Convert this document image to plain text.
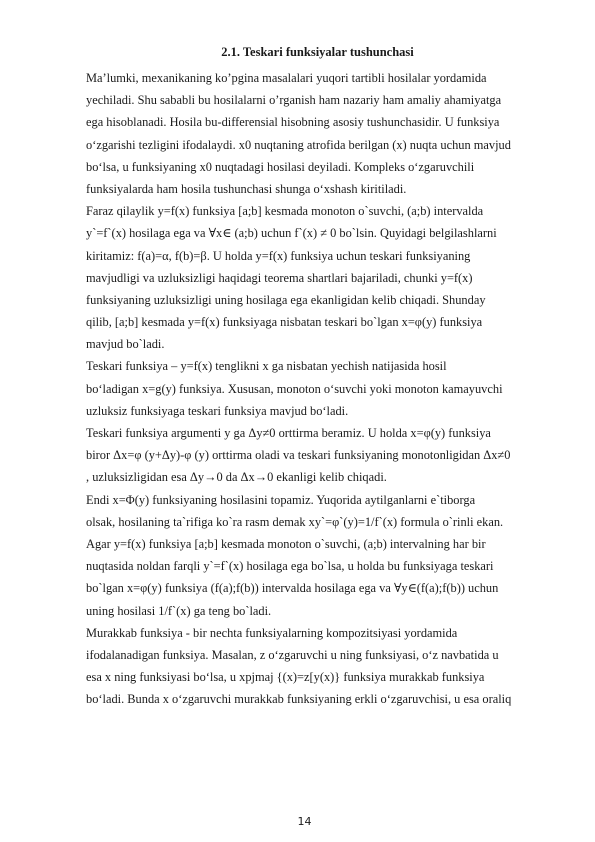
2.1. Teskari funksiyalar tushunchasi
Ma’lumki, mexanikaning ko’pgina masalalari yuqori tartibli hosilalar yordamida
yechiladi. Shu sababli bu hosilalarni o’rganish ham nazariy ham amaliy ahamiyatga
ega hisoblanadi. Hosila bu-differensial hisobning asosiy tushunchasidir. U funksiya
o‘zgarishi tezligini ifodalaydi. x0 nuqtaning atrofida berilgan (x) nuqta uchun mavjud
bo‘lsa, u funksiyaning x0 nuqtadagi hosilasi deyiladi. Kompleks o‘zgaruvchili
funksiyalarda ham hosila tushunchasi shunga o‘xshash kiritiladi.
Faraz qilaylik y=f(x) funksiya [a;b] kesmada monoton o`suvchi, (a;b) intervalda
y`=f`(x) hosilaga ega va ∀x∈ (a;b) uchun f`(x) ≠ 0 bo`lsin. Quyidagi belgilashlarni
kiritamiz: f(a)=α, f(b)=β. U holda y=f(x) funksiya uchun teskari funksiyaning
mavjudligi va uzluksizligi haqidagi teorema shartlari bajariladi, chunki y=f(x)
funksiyaning uzluksizligi uning hosilaga ega ekanligidan kelib chiqadi. Shunday
qilib, [a;b] kesmada y=f(x) funksiyaga nisbatan teskari bo`lgan x=φ(y) funksiya
mavjud bo`ladi.
Teskari funksiya – y=f(x) tenglikni x ga nisbatan yechish natijasida hosil
bo‘ladigan x=g(y) funksiya. Xususan, monoton o‘suvchi yoki monoton kamayuvchi
uzluksiz funksiyaga teskari funksiya mavjud bo‘ladi.
Teskari funksiya argumenti y ga Δy≠0 orttirma beramiz. U holda x=φ(y) funksiya
biror Δx=φ (y+Δy)-φ (y) orttirma oladi va teskari funksiyaning monotonligidan Δx≠0
, uzluksizligidan esa Δy→0 da Δx→0 ekanligi kelib chiqadi.
Endi x=Φ(y) funksiyaning hosilasini topamiz. Yuqorida aytilganlarni e`tiborga
olsak, hosilaning ta`rifiga ko`ra rasm demak xy`=φ`(y)=1/f`(x) formula o`rinli ekan.
Agar y=f(x) funksiya [a;b] kesmada monoton o`suvchi, (a;b) intervalning har bir
nuqtasida noldan farqli y`=f`(x) hosilaga ega bo`lsa, u holda bu funksiyaga teskari
bo`lgan x=φ(y) funksiya (f(a);f(b)) intervalda hosilaga ega va ∀y∈(f(a);f(b)) uchun
uning hosilasi 1/f`(x) ga teng bo`ladi.
Murakkab funksiya - bir nechta funksiyalarning kompozitsiyasi yordamida
ifodalanadigan funksiya. Masalan, z o‘zgaruvchi u ning funksiyasi, o‘z navbatida u
esa x ning funksiyasi bo‘lsa, u xpjmaj {(x)=z[y(x)} funksiya murakkab funksiya
bo‘ladi. Bunda x o‘zgaruvchi murakkab funksiyaning erkli o‘zgaruvchisi, u esa oraliq
14
